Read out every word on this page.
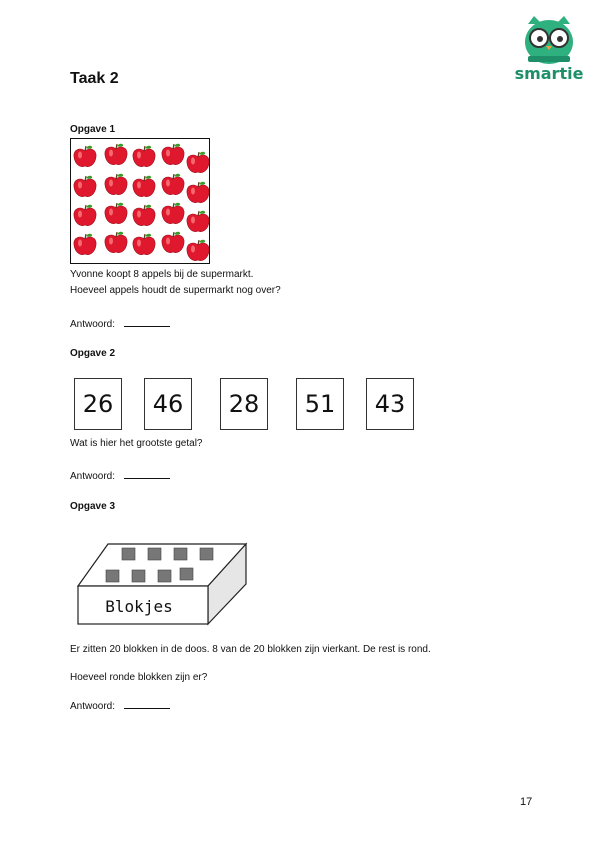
Taak 2	smartie
Opgave 1
Yvonne koopt 8 appels bij de supermarkt.
Hoeveel appels houdt de supermarkt nog over?
Antwoord:
Opgave 2
26	46	28	51	43
Wat is hier het grootste getal?
Antwoord:
Opgave 3
Blokjes
Er zitten 20 blokken in de doos. 8 van de 20 blokken zijn vierkant. De rest is rond.
Hoeveel ronde blokken zijn er?
Antwoord:
17
